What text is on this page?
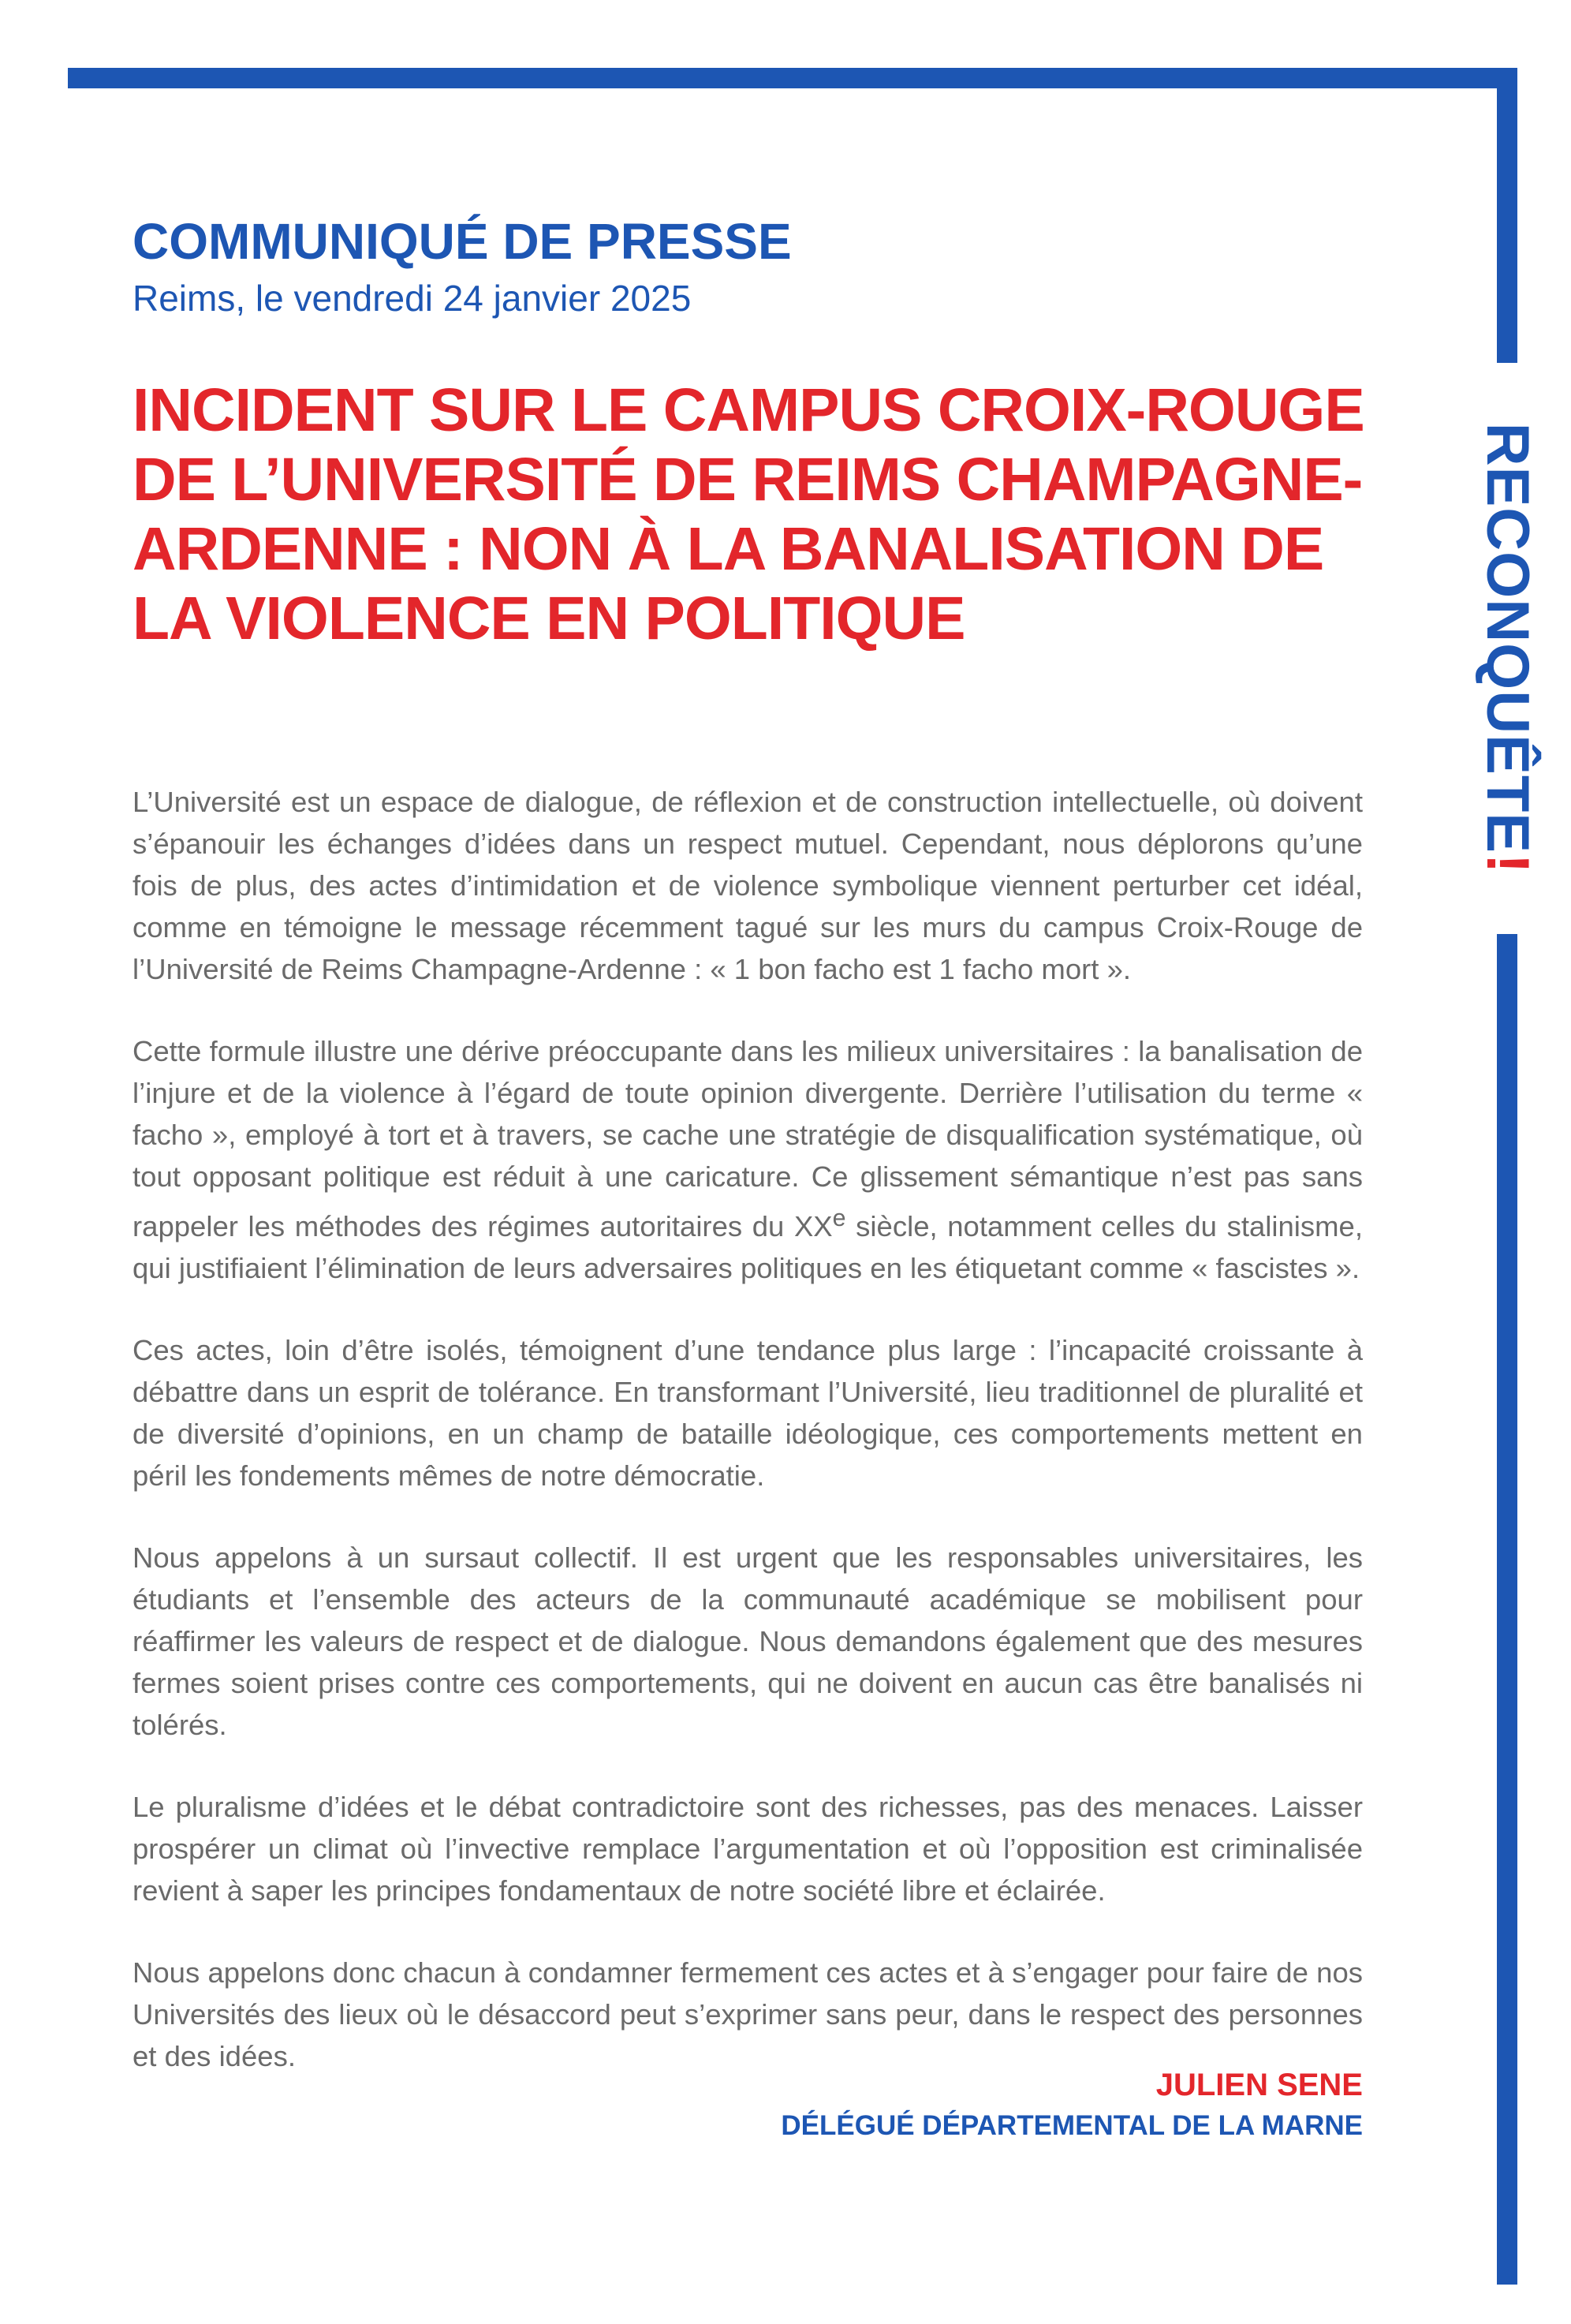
RECONQUÊTE!
COMMUNIQUÉ DE PRESSE

Reims, le vendredi 24 janvier 2025

INCIDENT SUR LE CAMPUS CROIX-ROUGE DE L’UNIVERSITÉ DE REIMS CHAMPAGNE-ARDENNE : NON À LA BANALISATION DE LA VIOLENCE EN POLITIQUE

L’Université est un espace de dialogue, de réflexion et de construction intellectuelle, où doivent s’épanouir les échanges d’idées dans un respect mutuel. Cependant, nous déplorons qu’une fois de plus, des actes d’intimidation et de violence symbolique viennent perturber cet idéal, comme en témoigne le message récemment tagué sur les murs du campus Croix-Rouge de l’Université de Reims Champagne-Ardenne : « 1 bon facho est 1 facho mort ».

Cette formule illustre une dérive préoccupante dans les milieux universitaires : la banalisation de l’injure et de la violence à l’égard de toute opinion divergente. Derrière l’utilisation du terme « facho », employé à tort et à travers, se cache une stratégie de disqualification systématique, où tout opposant politique est réduit à une caricature. Ce glissement sémantique n’est pas sans rappeler les méthodes des régimes autoritaires du XXe siècle, notamment celles du stalinisme, qui justifiaient l’élimination de leurs adversaires politiques en les étiquetant comme « fascistes ».

Ces actes, loin d’être isolés, témoignent d’une tendance plus large : l’incapacité croissante à débattre dans un esprit de tolérance. En transformant l’Université, lieu traditionnel de pluralité et de diversité d’opinions, en un champ de bataille idéologique, ces comportements mettent en péril les fondements mêmes de notre démocratie.

Nous appelons à un sursaut collectif. Il est urgent que les responsables universitaires, les étudiants et l’ensemble des acteurs de la communauté académique se mobilisent pour réaffirmer les valeurs de respect et de dialogue. Nous demandons également que des mesures fermes soient prises contre ces comportements, qui ne doivent en aucun cas être banalisés ni tolérés.

Le pluralisme d’idées et le débat contradictoire sont des richesses, pas des menaces. Laisser prospérer un climat où l’invective remplace l’argumentation et où l’opposition est criminalisée revient à saper les principes fondamentaux de notre société libre et éclairée.

Nous appelons donc chacun à condamner fermement ces actes et à s’engager pour faire de nos Universités des lieux où le désaccord peut s’exprimer sans peur, dans le respect des personnes et des idées.

JULIEN SENE
DÉLÉGUÉ DÉPARTEMENTAL DE LA MARNE
